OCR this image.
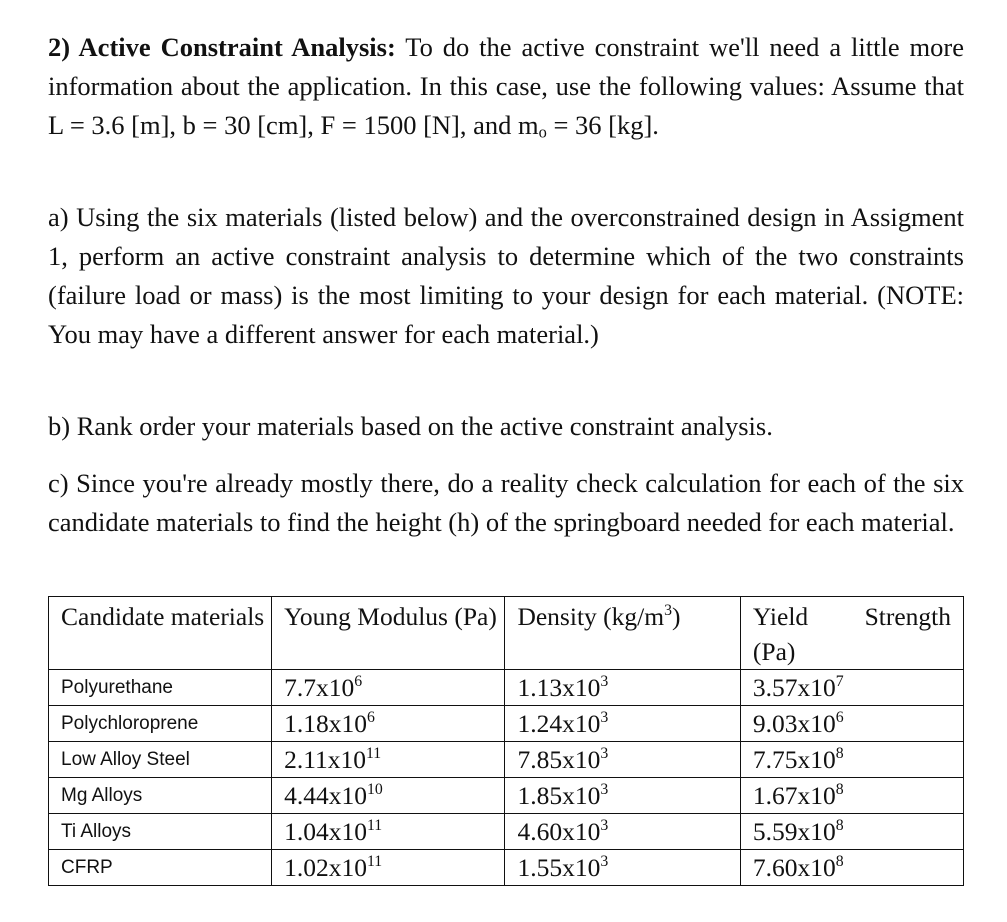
2) Active Constraint Analysis: To do the active constraint we'll need a little more information about the application. In this case, use the following values: Assume that L = 3.6 [m], b = 30 [cm], F = 1500 [N], and $m_o = 36$ [kg].

a) Using the six materials (listed below) and the overconstrained design in Assigment 1, perform an active constraint analysis to determine which of the two constraints (failure load or mass) is the most limiting to your design for each material. (NOTE: You may have a different answer for each material.)

b) Rank order your materials based on the active constraint analysis.

c) Since you're already mostly there, do a reality check calculation for each of the six candidate materials to find the height (h) of the springboard needed for each material.

Candidate materials	Young Modulus (Pa)	Density $(kg/m^3)$	Yield Strength
(Pa)

Polyurethane	$7.7x10^6$	$1.13x10^3$	$3.57x10^7$
Polychloroprene	$1.18x10^6$	$1.24x10^3$	$9.03x10^6$
Low Alloy Steel	$2.11x10^{11}$	$7.85x10^3$	$7.75x10^8$
Mg Alloys	$4.44x10^{10}$	$1.85x10^3$	$1.67x10^8$
Ti Alloys	$1.04x10^{11}$	$4.60x10^3$	$5.59x10^8$
CFRP	$1.02x10^{11}$	$1.55x10^3$	$7.60x10^8$
